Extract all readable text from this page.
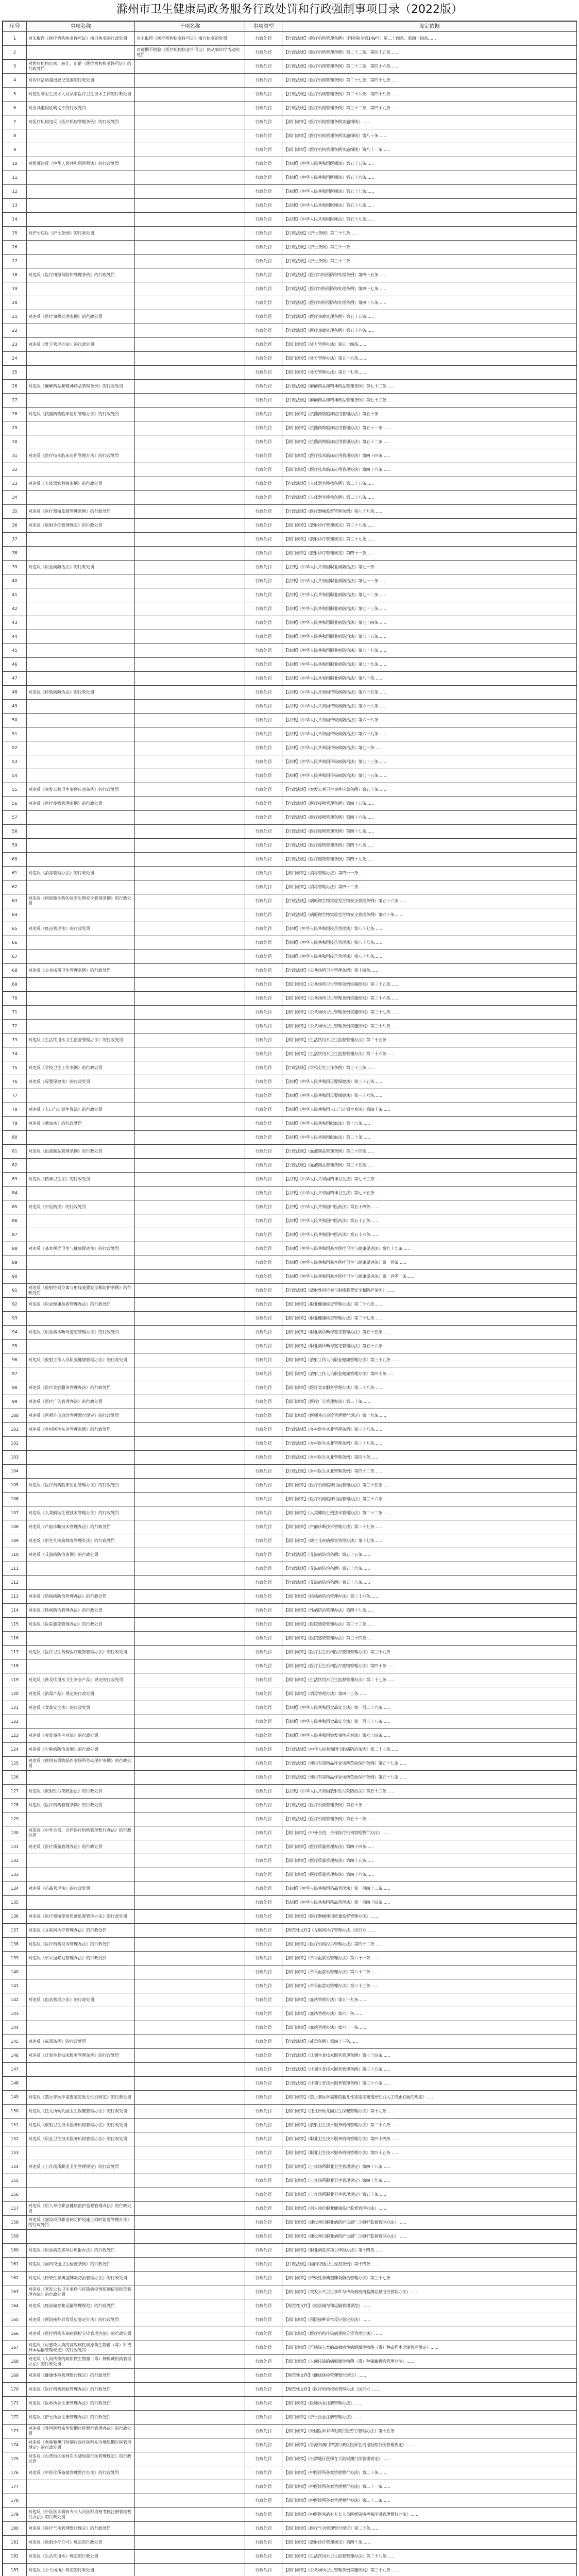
滁州市卫生健康局政务服务行政处罚和行政强制事项目录（2022版）
序号	事项名称	子项名称	事项类型	设定依据
1	对未取得《医疗机构执业许可证》擅自执业的行政处罚	对未取得《医疗机构执业许可证》擅自执业的处罚	行政处罚	【行政法规】《医疗机构管理条例》（国务院令第149号）第二十四条、第四十四条……
2		对逾期不校验《医疗机构执业许可证》仍从事诊疗活动的处罚	行政处罚	【行政法规】《医疗机构管理条例》第二十二条、第四十五条……
3	对医疗机构出卖、转让、出借《医疗机构执业许可证》的行政处罚		行政处罚	【行政法规】《医疗机构管理条例》第二十三条、第四十六条……
4	对诊疗活动超出登记范围的行政处罚		行政处罚	【行政法规】《医疗机构管理条例》第二十七条、第四十七条……
5	对使用非卫生技术人员从事医疗卫生技术工作的行政处罚		行政处罚	【行政法规】《医疗机构管理条例》第二十八条、第四十八条……
6	对出具虚假证明文件的行政处罚		行政处罚	【行政法规】《医疗机构管理条例》第三十二条、第四十九条……
7	对医疗机构违反《医疗机构管理条例》的行政处罚		行政处罚	【部门规章】《医疗机构管理条例实施细则》……
8			行政处罚	【部门规章】《医疗机构管理条例实施细则》第八十条……
9			行政处罚	【部门规章】《医疗机构管理条例实施细则》第八十一条……
10	对医师违反《中华人民共和国医师法》的行政处罚		行政处罚	【法律】《中华人民共和国医师法》第五十五条……
11			行政处罚	【法律】《中华人民共和国医师法》第五十六条……
12			行政处罚	【法律】《中华人民共和国医师法》第五十七条……
13			行政处罚	【法律】《中华人民共和国医师法》第五十八条……
14			行政处罚	【法律】《中华人民共和国医师法》第五十九条……
15	对护士违反《护士条例》的行政处罚		行政处罚	【行政法规】《护士条例》第二十八条……
16			行政处罚	【行政法规】《护士条例》第三十一条……
17			行政处罚	【行政法规】《护士条例》第三十二条……
18	对违反《医疗纠纷预防和处理条例》的行政处罚		行政处罚	【行政法规】《医疗纠纷预防和处理条例》第四十五条……
19			行政处罚	【行政法规】《医疗纠纷预防和处理条例》第四十七条……
20			行政处罚	【行政法规】《医疗纠纷预防和处理条例》第四十八条……
21	对违反《医疗事故处理条例》的行政处罚		行政处罚	【行政法规】《医疗事故处理条例》第五十五条……
22			行政处罚	【行政法规】《医疗事故处理条例》第五十六条……
23	对违反《处方管理办法》的行政处罚		行政处罚	【部门规章】《处方管理办法》第五十四条……
24			行政处罚	【部门规章】《处方管理办法》第五十六条……
25			行政处罚	【部门规章】《处方管理办法》第五十七条……
26	对违反《麻醉药品和精神药品管理条例》的行政处罚		行政处罚	【行政法规】《麻醉药品和精神药品管理条例》第七十二条……
27			行政处罚	【行政法规】《麻醉药品和精神药品管理条例》第七十三条……
28	对违反《抗菌药物临床应用管理办法》的行政处罚		行政处罚	【部门规章】《抗菌药物临床应用管理办法》第五十条……
29			行政处罚	【部门规章】《抗菌药物临床应用管理办法》第五十一条……
30			行政处罚	【部门规章】《抗菌药物临床应用管理办法》第五十二条……
31	对违反《医疗技术临床应用管理办法》的行政处罚		行政处罚	【部门规章】《医疗技术临床应用管理办法》第四十四条……
32			行政处罚	【部门规章】《医疗技术临床应用管理办法》第四十六条……
33	对违反《人体器官移植条例》的行政处罚		行政处罚	【行政法规】《人体器官移植条例》第二十五条……
34			行政处罚	【行政法规】《人体器官移植条例》第二十八条……
35	对违反《医疗器械监督管理条例》的行政处罚		行政处罚	【行政法规】《医疗器械监督管理条例》第八十九条……
36	对违反《放射诊疗管理规定》的行政处罚		行政处罚	【部门规章】《放射诊疗管理规定》第三十八条……
37			行政处罚	【部门规章】《放射诊疗管理规定》第三十九条……
38			行政处罚	【部门规章】《放射诊疗管理规定》第四十一条……
39	对违反《职业病防治法》的行政处罚		行政处罚	【法律】《中华人民共和国职业病防治法》第七十条……
40			行政处罚	【法律】《中华人民共和国职业病防治法》第七十一条……
41			行政处罚	【法律】《中华人民共和国职业病防治法》第七十二条……
42			行政处罚	【法律】《中华人民共和国职业病防治法》第七十三条……
43			行政处罚	【法律】《中华人民共和国职业病防治法》第七十四条……
44			行政处罚	【法律】《中华人民共和国职业病防治法》第七十五条……
45			行政处罚	【法律】《中华人民共和国职业病防治法》第七十七条……
46			行政处罚	【法律】《中华人民共和国职业病防治法》第七十九条……
47			行政处罚	【法律】《中华人民共和国职业病防治法》第八十条……
48	对违反《传染病防治法》的行政处罚		行政处罚	【法律】《中华人民共和国传染病防治法》第六十五条……
49			行政处罚	【法律】《中华人民共和国传染病防治法》第六十六条……
50			行政处罚	【法律】《中华人民共和国传染病防治法》第六十八条……
51			行政处罚	【法律】《中华人民共和国传染病防治法》第六十九条……
52			行政处罚	【法律】《中华人民共和国传染病防治法》第七十条……
53			行政处罚	【法律】《中华人民共和国传染病防治法》第七十三条……
54			行政处罚	【法律】《中华人民共和国传染病防治法》第七十五条……
55	对违反《突发公共卫生事件应急条例》的行政处罚		行政处罚	【行政法规】《突发公共卫生事件应急条例》第五十条……
56	对违反《医疗废物管理条例》的行政处罚		行政处罚	【行政法规】《医疗废物管理条例》第四十五条……
57			行政处罚	【行政法规】《医疗废物管理条例》第四十六条……
58			行政处罚	【行政法规】《医疗废物管理条例》第四十七条……
59			行政处罚	【行政法规】《医疗废物管理条例》第四十八条……
60			行政处罚	【行政法规】《医疗废物管理条例》第四十九条……
61	对违反《消毒管理办法》的行政处罚		行政处罚	【部门规章】《消毒管理办法》第四十一条……
62			行政处罚	【部门规章】《消毒管理办法》第四十二条……
63	对违反《病原微生物实验室生物安全管理条例》的行政处罚		行政处罚	【行政法规】《病原微生物实验室生物安全管理条例》第五十六条……
64			行政处罚	【行政法规】《病原微生物实验室生物安全管理条例》第六十条……
65	对违反《疫苗管理法》的行政处罚		行政处罚	【法律】《中华人民共和国疫苗管理法》第八十七条……
66			行政处罚	【法律】《中华人民共和国疫苗管理法》第八十八条……
67			行政处罚	【法律】《中华人民共和国疫苗管理法》第八十九条……
68	对违反《公共场所卫生管理条例》的行政处罚		行政处罚	【行政法规】《公共场所卫生管理条例》第十四条……
69			行政处罚	【部门规章】《公共场所卫生管理条例实施细则》第三十五条……
70			行政处罚	【部门规章】《公共场所卫生管理条例实施细则》第三十六条……
71			行政处罚	【部门规章】《公共场所卫生管理条例实施细则》第三十七条……
72			行政处罚	【部门规章】《公共场所卫生管理条例实施细则》第三十八条……
73	对违反《生活饮用水卫生监督管理办法》的行政处罚		行政处罚	【部门规章】《生活饮用水卫生监督管理办法》第二十五条……
74			行政处罚	【部门规章】《生活饮用水卫生监督管理办法》第二十六条……
75	对违反《学校卫生工作条例》的行政处罚		行政处罚	【行政法规】《学校卫生工作条例》第三十三条……
76	对违反《母婴保健法》的行政处罚		行政处罚	【法律】《中华人民共和国母婴保健法》第三十五条……
77			行政处罚	【法律】《中华人民共和国母婴保健法》第三十六条……
78	对违反《人口与计划生育法》的行政处罚		行政处罚	【法律】《中华人民共和国人口与计划生育法》第四十条……
79	对违反《献血法》的行政处罚		行政处罚	【法律】《中华人民共和国献血法》第十八条……
80			行政处罚	【法律】《中华人民共和国献血法》第二十条……
81	对违反《血液制品管理条例》的行政处罚		行政处罚	【行政法规】《血液制品管理条例》第三十四条……
82			行政处罚	【行政法规】《血液制品管理条例》第三十五条……
83	对违反《精神卫生法》的行政处罚		行政处罚	【法律】《中华人民共和国精神卫生法》第七十三条……
84			行政处罚	【法律】《中华人民共和国精神卫生法》第七十五条……
85	对违反《中医药法》的行政处罚		行政处罚	【法律】《中华人民共和国中医药法》第五十四条……
86			行政处罚	【法律】《中华人民共和国中医药法》第五十五条……
87			行政处罚	【法律】《中华人民共和国中医药法》第五十六条……
88	对违反《基本医疗卫生与健康促进法》的行政处罚		行政处罚	【法律】《中华人民共和国基本医疗卫生与健康促进法》第九十九条……
89			行政处罚	【法律】《中华人民共和国基本医疗卫生与健康促进法》第一百条……
90			行政处罚	【法律】《中华人民共和国基本医疗卫生与健康促进法》第一百零一条……
91	对违反《放射性同位素与射线装置安全和防护条例》的行政处罚		行政处罚	【行政法规】《放射性同位素与射线装置安全和防护条例》……
92	对违反《职业健康检查管理办法》的行政处罚		行政处罚	【部门规章】《职业健康检查管理办法》第二十六条……
93			行政处罚	【部门规章】《职业健康检查管理办法》第二十七条……
94	对违反《职业病诊断与鉴定管理办法》的行政处罚		行政处罚	【部门规章】《职业病诊断与鉴定管理办法》第五十五条……
95			行政处罚	【部门规章】《职业病诊断与鉴定管理办法》第五十六条……
96	对违反《放射工作人员职业健康管理办法》的行政处罚		行政处罚	【部门规章】《放射工作人员职业健康管理办法》第三十九条……
97			行政处罚	【部门规章】《放射工作人员职业健康管理办法》第四十条……
98	对违反《医疗美容服务管理办法》的行政处罚		行政处罚	【部门规章】《医疗美容服务管理办法》第二十八条……
99	对违反《医疗广告管理办法》的行政处罚		行政处罚	【部门规章】《医疗广告管理办法》第二十条……
100	对违反《医师外出会诊管理暂行规定》的行政处罚		行政处罚	【部门规章】《医师外出会诊管理暂行规定》第十九条……
101	对违反《乡村医生从业管理条例》的行政处罚		行政处罚	【行政法规】《乡村医生从业管理条例》第三十八条……
102			行政处罚	【行政法规】《乡村医生从业管理条例》第三十九条……
103			行政处罚	【行政法规】《乡村医生从业管理条例》第四十条……
104			行政处罚	【行政法规】《乡村医生从业管理条例》第四十二条……
105	对违反《医疗机构临床用血管理办法》的行政处罚		行政处罚	【部门规章】《医疗机构临床用血管理办法》第三十五条……
106			行政处罚	【部门规章】《医疗机构临床用血管理办法》第三十六条……
107	对违反《人类辅助生殖技术管理办法》的行政处罚		行政处罚	【部门规章】《人类辅助生殖技术管理办法》第二十二条……
108	对违反《产前诊断技术管理办法》的行政处罚		行政处罚	【部门规章】《产前诊断技术管理办法》第二十九条……
109	对违反《新生儿疾病筛查管理办法》的行政处罚		行政处罚	【部门规章】《新生儿疾病筛查管理办法》第十七条……
110	对违反《艾滋病防治条例》的行政处罚		行政处罚	【行政法规】《艾滋病防治条例》第五十五条……
111			行政处罚	【行政法规】《艾滋病防治条例》第五十六条……
112			行政处罚	【行政法规】《艾滋病防治条例》第五十八条……
113	对违反《结核病防治管理办法》的行政处罚		行政处罚	【部门规章】《结核病防治管理办法》第三十六条……
114	对违反《性病防治管理办法》的行政处罚		行政处罚	【部门规章】《性病防治管理办法》第四十七条……
115	对违反《医院感染管理办法》的行政处罚		行政处罚	【部门规章】《医院感染管理办法》第三十三条……
116			行政处罚	【部门规章】《医院感染管理办法》第三十四条……
117	对违反《医疗卫生机构医疗废物管理办法》的行政处罚		行政处罚	【部门规章】《医疗卫生机构医疗废物管理办法》第三十九条……
118			行政处罚	【部门规章】《医疗卫生机构医疗废物管理办法》第四十条……
119	对违反《涉及饮用水卫生安全产品》规定的行政处罚		行政处罚	【部门规章】《生活饮用水卫生监督管理办法》第二十七条……
120	对违反《消毒产品》规定的行政处罚		行政处罚	【部门规章】《消毒管理办法》第四十三条……
121	对违反《食品安全法》的行政处罚		行政处罚	【法律】《中华人民共和国食品安全法》第一百二十六条……
122			行政处罚	【法律】《中华人民共和国食品安全法》第一百三十八条……
123	对违反《突发事件应对法》的行政处罚		行政处罚	【法律】《中华人民共和国突发事件应对法》第六十四条……
124	对违反《尘肺病防治条例》的行政处罚		行政处罚	【行政法规】《中华人民共和国尘肺病防治条例》第二十三条……
125	对违反《使用有毒物品作业场所劳动保护条例》的行政处罚		行政处罚	【行政法规】《使用有毒物品作业场所劳动保护条例》第五十七条……
126			行政处罚	【行政法规】《使用有毒物品作业场所劳动保护条例》第五十八条……
127	对违反《放射性污染防治法》的行政处罚		行政处罚	【法律】《中华人民共和国放射性污染防治法》第五十三条……
128	对违反《医疗机构管理条例》的行政处罚		行政处罚	【行政法规】《医疗机构管理条例》第五十条……
129			行政处罚	【行政法规】《医疗机构管理条例》第五十一条……
130	对违反《中外合资、合作医疗机构管理暂行办法》的行政处罚		行政处罚	【部门规章】《中外合资、合作医疗机构管理暂行办法》……
131	对违反《医疗质量管理办法》的行政处罚		行政处罚	【部门规章】《医疗质量管理办法》第四十四条……
132			行政处罚	【部门规章】《医疗质量管理办法》第四十五条……
133			行政处罚	【部门规章】《医疗质量管理办法》第四十六条……
134	对违反《药品管理法》的行政处罚		行政处罚	【法律】《中华人民共和国药品管理法》第一百四十二条……
135			行政处罚	【法律】《中华人民共和国药品管理法》第一百四十四条……
136	对违反《医疗器械使用质量监督管理办法》的行政处罚		行政处罚	【部门规章】《医疗器械使用质量监督管理办法》……
137	对违反《互联网诊疗管理办法》的行政处罚		行政处罚	【规范性文件】《互联网诊疗管理办法（试行）》……
138	对违反《医疗机构投诉管理办法》的行政处罚		行政处罚	【部门规章】《医疗机构投诉管理办法》第四十二条……
139	对违反《单采血浆站管理办法》的行政处罚		行政处罚	【部门规章】《单采血浆站管理办法》第六十一条……
140			行政处罚	【部门规章】《单采血浆站管理办法》第六十二条……
141			行政处罚	【部门规章】《单采血浆站管理办法》第六十三条……
142	对违反《血站管理办法》的行政处罚		行政处罚	【部门规章】《血站管理办法》第五十九条……
143			行政处罚	【部门规章】《血站管理办法》第六十条……
144			行政处罚	【部门规章】《血站管理办法》第六十一条……
145	对违反《戒毒条例》的行政处罚		行政处罚	【行政法规】《戒毒条例》第四十三条……
146	对违反《计划生育技术服务管理条例》的行政处罚		行政处罚	【行政法规】《计划生育技术服务管理条例》第三十四条……
147			行政处罚	【行政法规】《计划生育技术服务管理条例》第三十五条……
148			行政处罚	【行政法规】《计划生育技术服务管理条例》第三十六条……
149	对违反《禁止非医学需要鉴定胎儿性别规定》的行政处罚		行政处罚	【部门规章】《禁止非医学需要的胎儿性别鉴定和选择性别人工终止妊娠的规定》……
150	对违反《托儿所幼儿园卫生保健管理办法》的行政处罚		行政处罚	【部门规章】《托儿所幼儿园卫生保健管理办法》第十九条……
151	对违反《放射卫生技术服务机构管理办法》的行政处罚		行政处罚	【部门规章】《放射卫生技术服务机构管理办法》第二十六条……
152	对违反《职业卫生技术服务机构管理办法》的行政处罚		行政处罚	【部门规章】《职业卫生技术服务机构管理办法》第四十四条……
153			行政处罚	【部门规章】《职业卫生技术服务机构管理办法》第四十五条……
154	对违反《工作场所职业卫生管理规定》的行政处罚		行政处罚	【部门规章】《工作场所职业卫生管理规定》第四十八条……
155			行政处罚	【部门规章】《工作场所职业卫生管理规定》第四十九条……
156			行政处罚	【部门规章】《工作场所职业卫生管理规定》第五十条……
157	对违反《用人单位职业健康监护监督管理办法》的行政处罚		行政处罚	【部门规章】《用人单位职业健康监护监督管理办法》……
158	对违反《建设项目职业病防护设施三同时监督管理办法》的行政处罚		行政处罚	【部门规章】《建设项目职业病防护设施“三同时”监督管理办法》……
159			行政处罚	【部门规章】《建设项目职业病防护设施“三同时”监督管理办法》……
160	对违反《职业病危害项目申报办法》的行政处罚		行政处罚	【部门规章】《职业病危害项目申报办法》第十四条……
161	对违反《国内交通卫生检疫条例》的行政处罚		行政处罚	【行政法规】《国内交通卫生检疫条例》第十四条……
162	对违反《传染性非典型肺炎防治管理办法》的行政处罚		行政处罚	【部门规章】《传染性非典型肺炎防治管理办法》第三十七条……
163	对违反《突发公共卫生事件与传染病疫情监测信息报告管理办法》的行政处罚		行政处罚	【部门规章】《突发公共卫生事件与传染病疫情监测信息报告管理办法》……
164	对违反《疫苗储存和运输管理规范》的行政处罚		行政处罚	【规范性文件】《疫苗储存和运输管理规范》……
165	对违反《预防接种异常反应鉴定办法》的行政处罚		行政处罚	【部门规章】《预防接种异常反应鉴定办法》……
166	对违反《医疗机构传染病预检分诊管理办法》的行政处罚		行政处罚	【部门规章】《医疗机构传染病预检分诊管理办法》……
167	对违反《可感染人类的高致病性病原微生物菌（毒）种或样本运输管理规定》的行政处罚		行政处罚	【部门规章】《可感染人类的高致病性病原微生物菌（毒）种或样本运输管理规定》……
168	对违反《人间传染的病原微生物菌（毒）种保藏机构管理办法》的行政处罚		行政处罚	【部门规章】《人间传染的病原微生物菌（毒）种保藏机构管理办法》……
169	对违反《健康体检管理暂行规定》的行政处罚		行政处罚	【规范性文件】《健康体检管理暂行规定》……
170	对违反《医疗机构校验管理办法》的行政处罚		行政处罚	【规范性文件】《医疗机构校验管理办法（试行）》……
171	对违反《医师执业注册管理办法》的行政处罚		行政处罚	【部门规章】《医师执业注册管理办法》……
172	对违反《护士执业注册管理办法》的行政处罚		行政处罚	【部门规章】《护士执业注册管理办法》……
173	对违反《外国医师来华短期行医暂行管理办法》的行政处罚		行政处罚	【部门规章】《外国医师来华短期行医暂行管理办法》第十五条……
174	对违反《香港和澳门特别行政区医师在内地短期行医管理规定》的行政处罚		行政处罚	【部门规章】《香港和澳门特别行政区医师在内地短期行医管理规定》……
175	对违反《台湾地区医师在大陆短期行医管理规定》的行政处罚		行政处罚	【部门规章】《台湾地区医师在大陆短期行医管理规定》……
176	对违反《中医诊所备案管理暂行办法》的行政处罚		行政处罚	【部门规章】《中医诊所备案管理暂行办法》第二十条……
177			行政处罚	【部门规章】《中医诊所备案管理暂行办法》第二十一条……
178			行政处罚	【部门规章】《中医诊所备案管理暂行办法》第二十二条……
179	对违反《中医医术确有专长人员医师资格考核注册管理暂行办法》的行政处罚		行政处罚	【部门规章】《中医医术确有专长人员医师资格考核注册管理暂行办法》……
180	对违反《医疗气功管理暂行规定》的行政处罚		行政处罚	【部门规章】《医疗气功管理暂行规定》第二十条……
181	对违反《放射诊疗许可》规定的行政处罚		行政处罚	【部门规章】《放射诊疗管理规定》第四十条……
182	对违反《生活饮用水》规定的行政处罚		行政处罚	【部门规章】《生活饮用水卫生监督管理办法》第二十八条……
183	对违反《公共场所》规定的行政处罚		行政处罚	【部门规章】《公共场所卫生管理条例实施细则》第三十九条……
